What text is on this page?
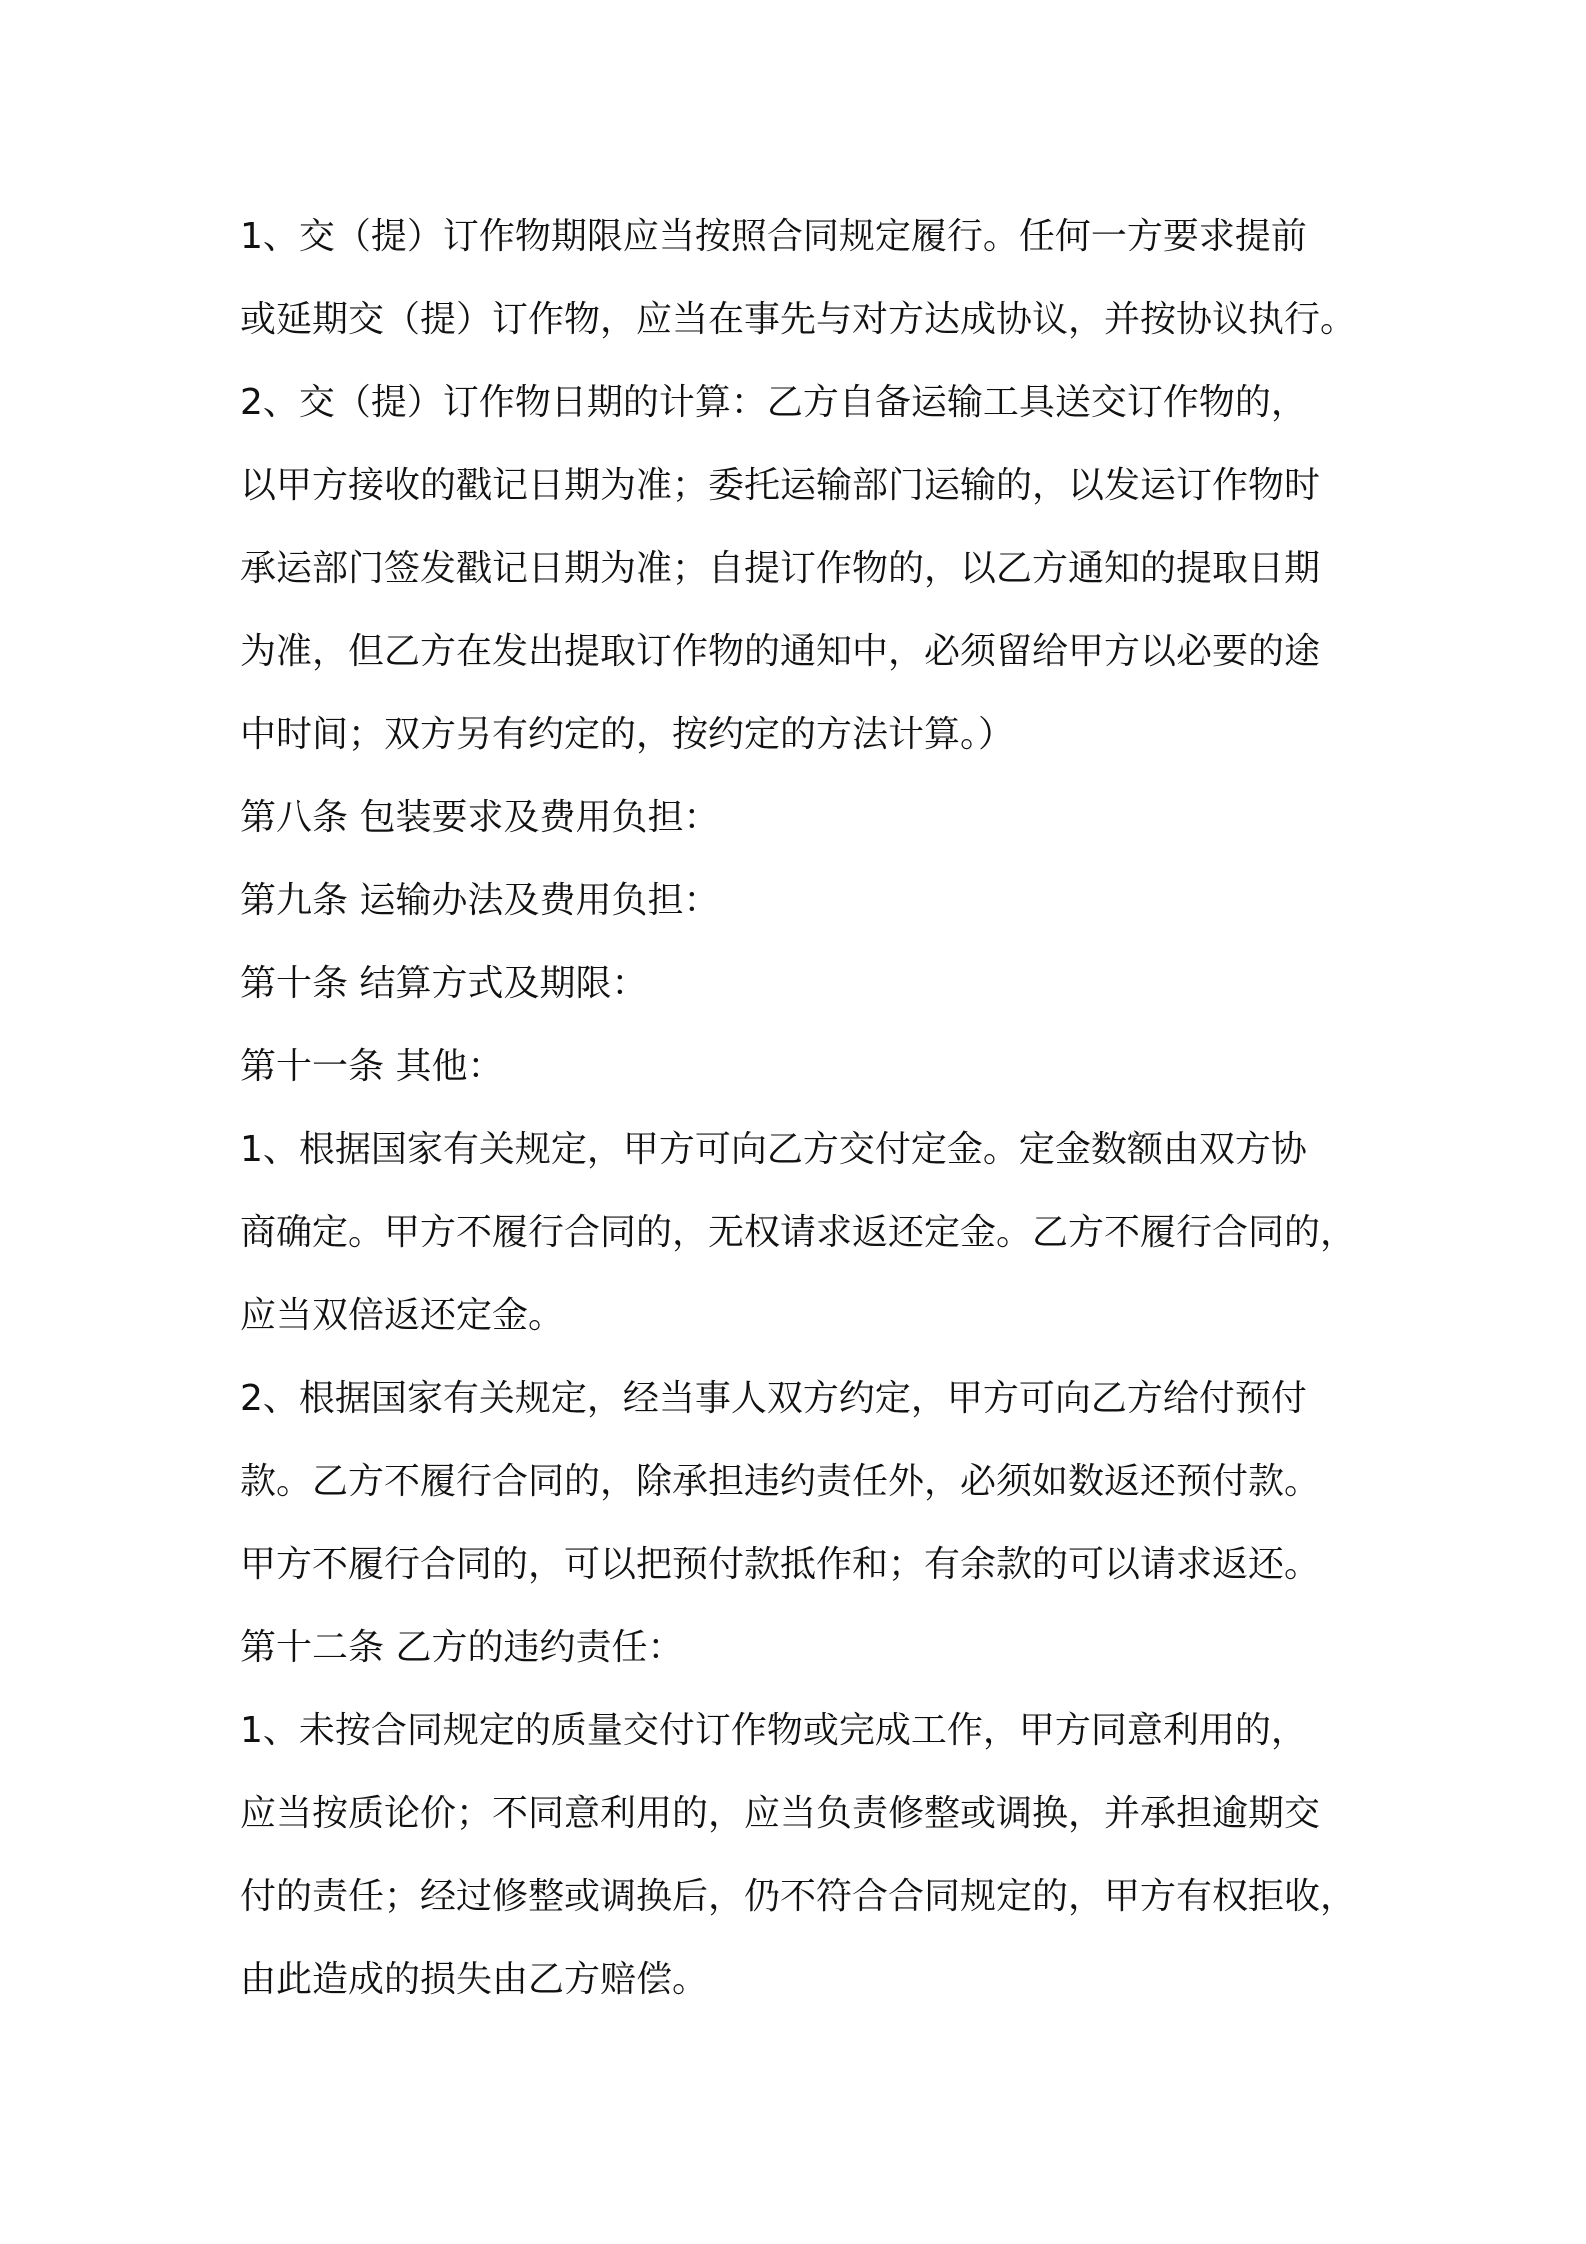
1、交（提）订作物期限应当按照合同规定履行。任何一方要求提前

或延期交（提）订作物，应当在事先与对方达成协议，并按协议执行。

2、交（提）订作物日期的计算：乙方自备运输工具送交订作物的，

以甲方接收的戳记日期为准；委托运输部门运输的，以发运订作物时

承运部门签发戳记日期为准；自提订作物的，以乙方通知的提取日期

为准，但乙方在发出提取订作物的通知中，必须留给甲方以必要的途

中时间；双方另有约定的，按约定的方法计算。）

第八条 包装要求及费用负担：

第九条 运输办法及费用负担：

第十条 结算方式及期限：

第十一条 其他：

1、根据国家有关规定，甲方可向乙方交付定金。定金数额由双方协

商确定。甲方不履行合同的，无权请求返还定金。乙方不履行合同的，

应当双倍返还定金。

2、根据国家有关规定，经当事人双方约定，甲方可向乙方给付预付

款。乙方不履行合同的，除承担违约责任外，必须如数返还预付款。

甲方不履行合同的，可以把预付款抵作和；有余款的可以请求返还。

第十二条 乙方的违约责任：

1、未按合同规定的质量交付订作物或完成工作，甲方同意利用的，

应当按质论价；不同意利用的，应当负责修整或调换，并承担逾期交

付的责任；经过修整或调换后，仍不符合合同规定的，甲方有权拒收，

由此造成的损失由乙方赔偿。
